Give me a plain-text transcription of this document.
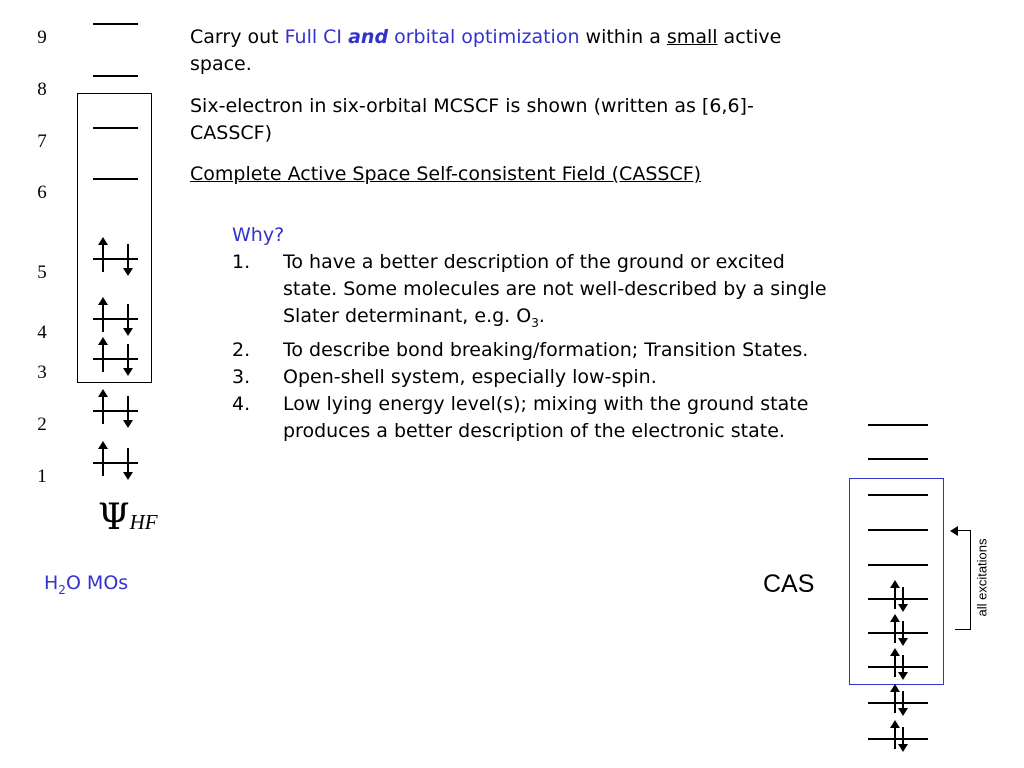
9
8
7
6
5
4
3
2
1
ΨHF
$H_2O$ MOs
Carry out Full CI and orbital optimization within a small active space.
Six-electron in six-orbital MCSCF is shown (written as [6,6]-CASSCF)
Complete Active Space Self-consistent Field (CASSCF)
Why?
1.	To have a better description of the ground or excited state. Some molecules are not well-described by a single Slater determinant, e.g. $O_3$.
2.	To describe bond breaking/formation; Transition States.
3.	Open-shell system, especially low-spin.
4.	Low lying energy level(s); mixing with the ground state produces a better description of the electronic state.
CAS	all excitations
